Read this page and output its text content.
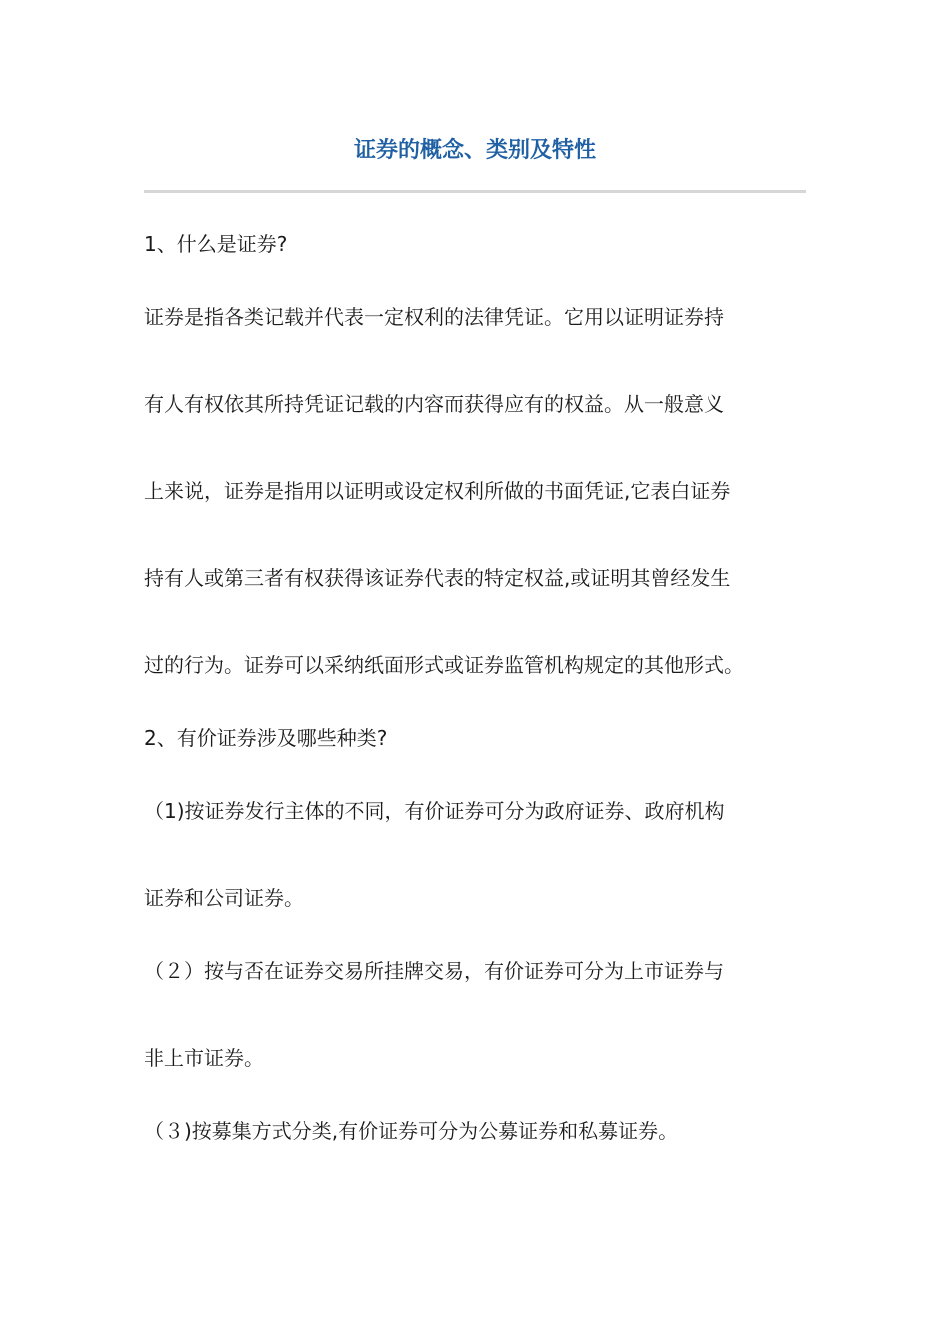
证券的概念、类别及特性
1、什么是证券?
证券是指各类记载并代表一定权利的法律凭证。它用以证明证券持
有人有权依其所持凭证记载的内容而获得应有的权益。从一般意义
上来说，证券是指用以证明或设定权利所做的书面凭证,它表白证券
持有人或第三者有权获得该证券代表的特定权益,或证明其曾经发生
过的行为。证券可以采纳纸面形式或证券监管机构规定的其他形式。
2、有价证券涉及哪些种类?
（1)按证券发行主体的不同，有价证券可分为政府证券、政府机构
证券和公司证券。
（２）按与否在证券交易所挂牌交易，有价证券可分为上市证券与
非上市证券。
（３)按募集方式分类,有价证券可分为公募证券和私募证券。
